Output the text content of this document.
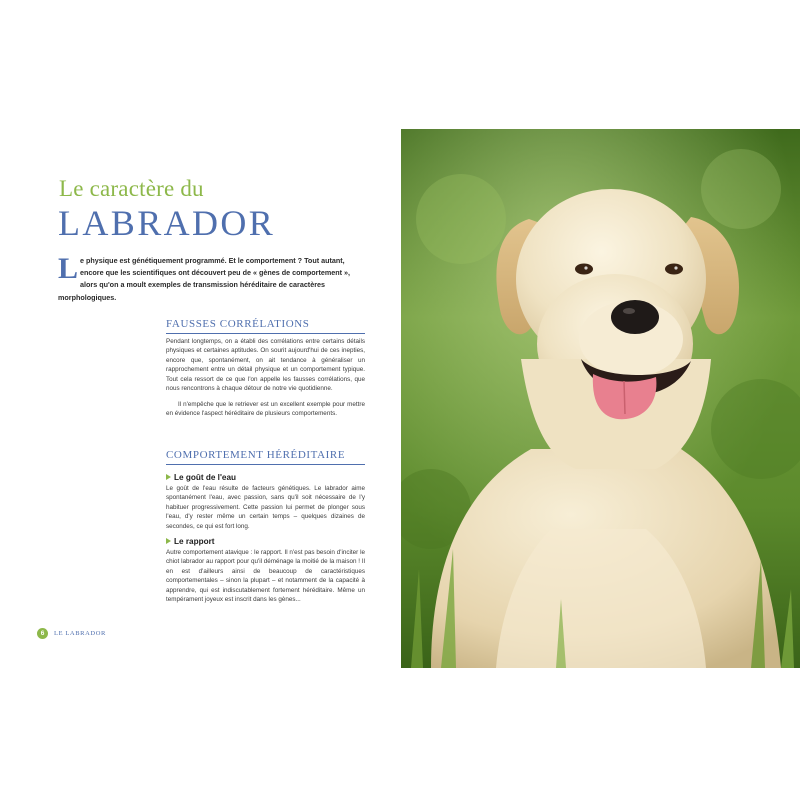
Le caractère du
LABRADOR
Le physique est génétiquement programmé. Et le comportement ? Tout autant, encore que les scientifiques ont découvert peu de « gènes de comportement », alors qu'on a moult exemples de transmission héréditaire de caractères morphologiques.
FAUSSES CORRÉLATIONS

Pendant longtemps, on a établi des corrélations entre certains détails physiques et certaines aptitudes. On sourit aujourd'hui de ces inepties, encore que, spontanément, on ait tendance à généraliser un rapprochement entre un détail physique et un comportement typique. Tout cela ressort de ce que l'on appelle les fausses corrélations, que nous rencontrons à chaque détour de notre vie quotidienne.

Il n'empêche que le retriever est un excellent exemple pour mettre en évidence l'aspect héréditaire de plusieurs comportements.

COMPORTEMENT HÉRÉDITAIRE
Le goût de l'eau

Le goût de l'eau résulte de facteurs génétiques. Le labrador aime spontanément l'eau, avec passion, sans qu'il soit nécessaire de l'y habituer progressivement. Cette passion lui permet de plonger sous l'eau, d'y rester même un certain temps – quelques dizaines de secondes, ce qui est fort long.

Le rapport

Autre comportement atavique : le rapport. Il n'est pas besoin d'inciter le chiot labrador au rapport pour qu'il déménage la moitié de la maison ! Il en est d'ailleurs ainsi de beaucoup de caractéristiques comportementales – sinon la plupart – et notamment de la capacité à apprendre, qui est indiscutablement fortement héréditaire. Même un tempérament joyeux est inscrit dans les gènes...

6	LE LABRADOR
